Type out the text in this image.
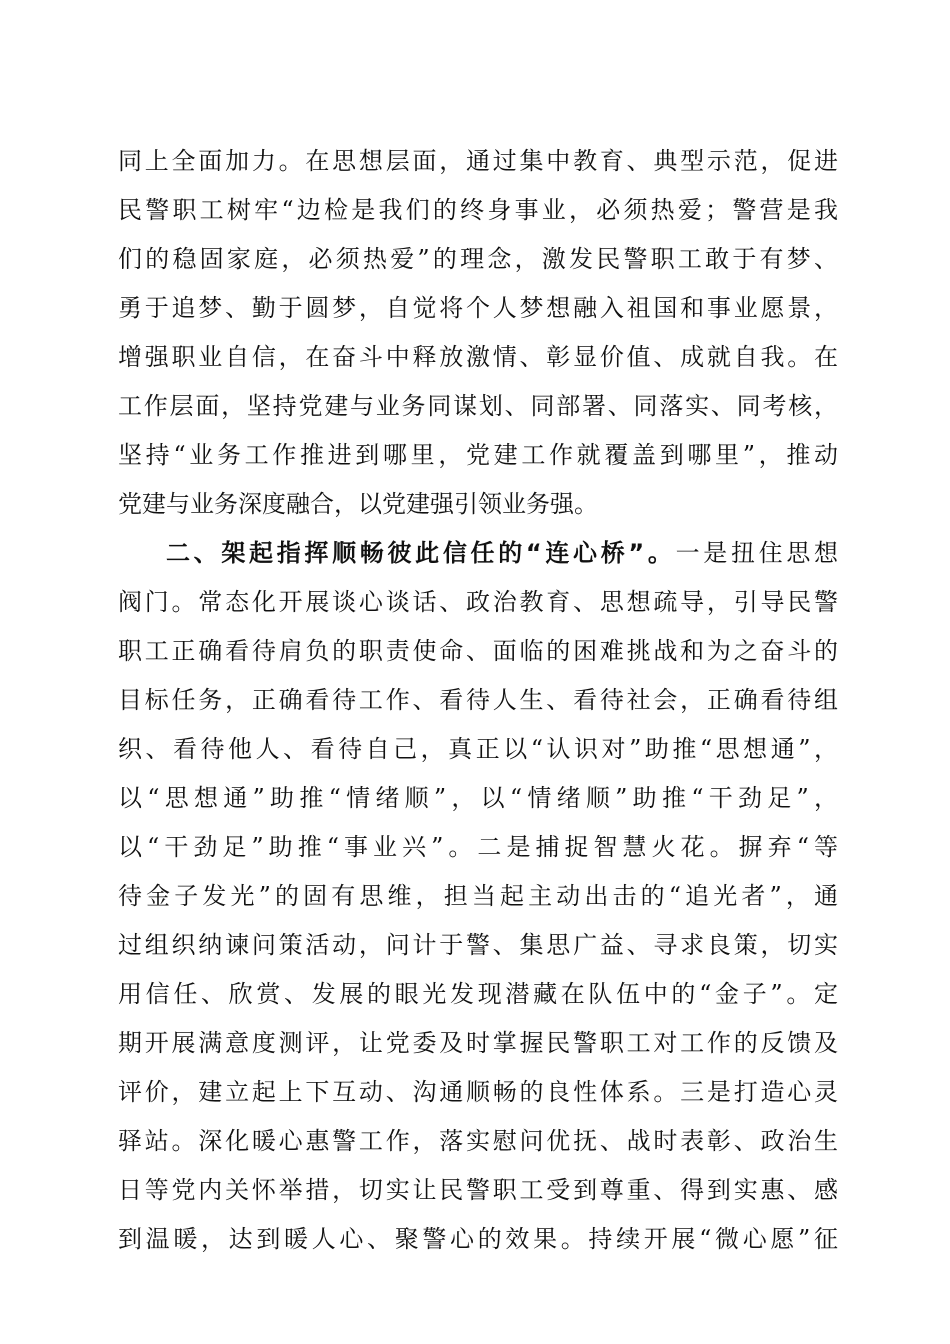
同上全面加力。在思想层面，通过集中教育、典型示范，促进
民警职工树牢“边检是我们的终身事业，必须热爱；警营是我
们的稳固家庭，必须热爱”的理念，激发民警职工敢于有梦、
勇于追梦、勤于圆梦，自觉将个人梦想融入祖国和事业愿景，
增强职业自信，在奋斗中释放激情、彰显价值、成就自我。在
工作层面，坚持党建与业务同谋划、同部署、同落实、同考核，
坚持“业务工作推进到哪里，党建工作就覆盖到哪里”，推动
党建与业务深度融合，以党建强引领业务强。
二、架起指挥顺畅彼此信任的“连心桥”。一是扭住思想
阀门。常态化开展谈心谈话、政治教育、思想疏导，引导民警
职工正确看待肩负的职责使命、面临的困难挑战和为之奋斗的
目标任务，正确看待工作、看待人生、看待社会，正确看待组
织、看待他人、看待自己，真正以“认识对”助推“思想通”，
以“思想通”助推“情绪顺”，以“情绪顺”助推“干劲足”，
以“干劲足”助推“事业兴”。二是捕捉智慧火花。摒弃“等
待金子发光”的固有思维，担当起主动出击的“追光者”，通
过组织纳谏问策活动，问计于警、集思广益、寻求良策，切实
用信任、欣赏、发展的眼光发现潜藏在队伍中的“金子”。定
期开展满意度测评，让党委及时掌握民警职工对工作的反馈及
评价，建立起上下互动、沟通顺畅的良性体系。三是打造心灵
驿站。深化暖心惠警工作，落实慰问优抚、战时表彰、政治生
日等党内关怀举措，切实让民警职工受到尊重、得到实惠、感
到温暖，达到暖人心、聚警心的效果。持续开展“微心愿”征
